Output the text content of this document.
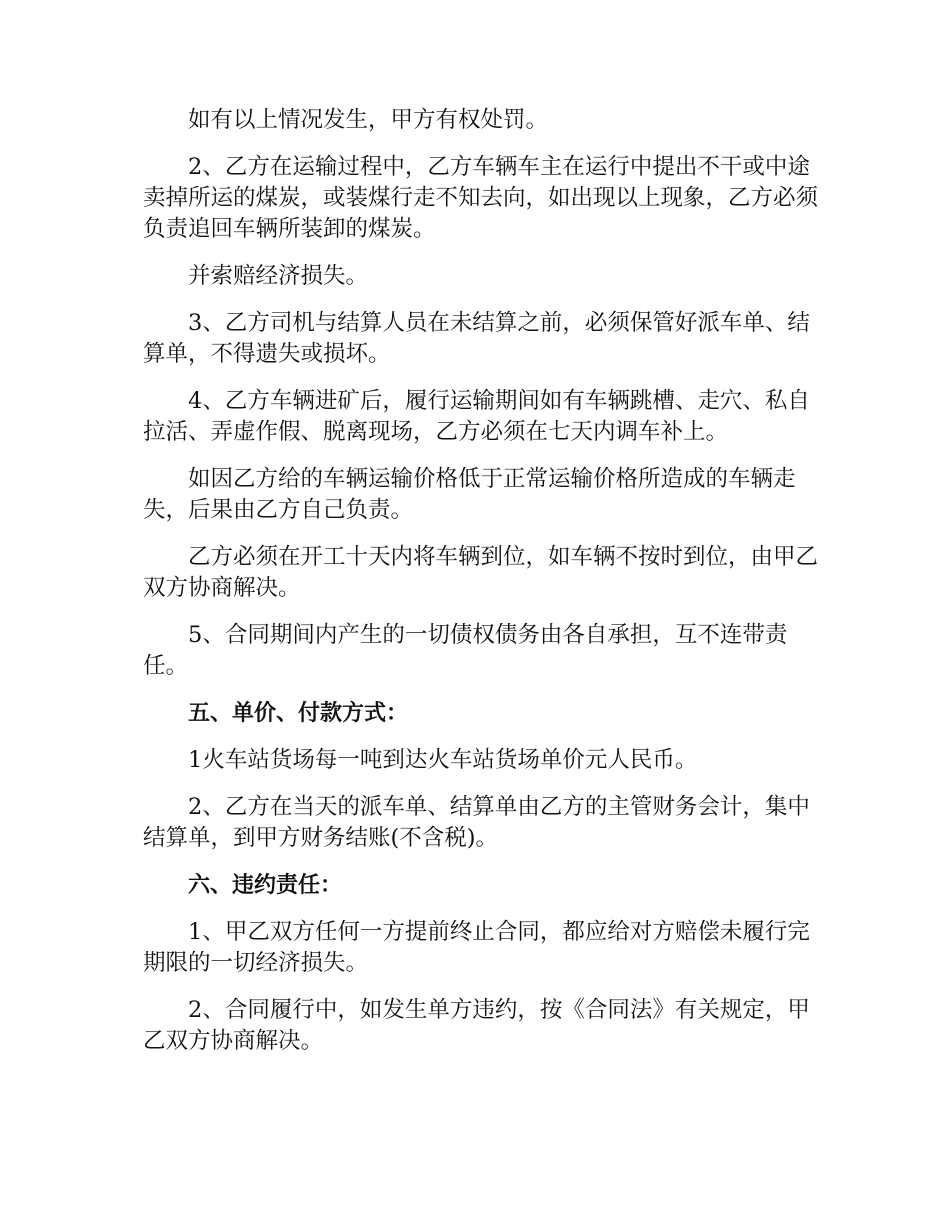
如有以上情况发生，甲方有权处罚。

2、乙方在运输过程中，乙方车辆车主在运行中提出不干或中途卖掉所运的煤炭，或装煤行走不知去向，如出现以上现象，乙方必须负责追回车辆所装卸的煤炭。

并索赔经济损失。

3、乙方司机与结算人员在未结算之前，必须保管好派车单、结算单，不得遗失或损坏。

4、乙方车辆进矿后，履行运输期间如有车辆跳槽、走穴、私自拉活、弄虚作假、脱离现场，乙方必须在七天内调车补上。

如因乙方给的车辆运输价格低于正常运输价格所造成的车辆走失，后果由乙方自己负责。

乙方必须在开工十天内将车辆到位，如车辆不按时到位，由甲乙双方协商解决。

5、合同期间内产生的一切债权债务由各自承担，互不连带责任。

五、单价、付款方式：

1火车站货场每一吨到达火车站货场单价元人民币。

2、乙方在当天的派车单、结算单由乙方的主管财务会计，集中结算单，到甲方财务结账(不含税)。

六、违约责任：

1、甲乙双方任何一方提前终止合同，都应给对方赔偿未履行完期限的一切经济损失。

2、合同履行中，如发生单方违约，按《合同法》有关规定，甲乙双方协商解决。
